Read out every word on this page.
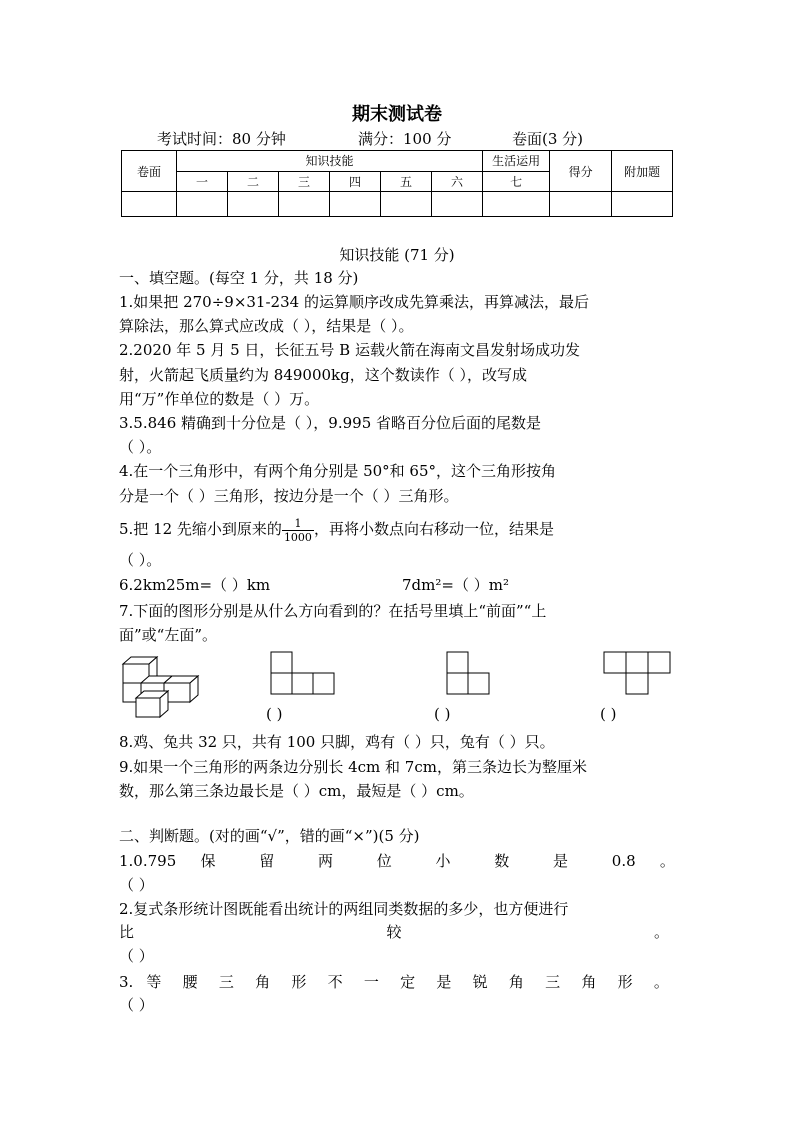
期末测试卷
考试时间：80 分钟	满分：100 分	卷面(3 分)
卷面	知识技能						生活运用	得分	附加题
	一	二	三	四	五	六	七		

知识技能 (71 分)
一、填空题。(每空 1 分，共 18 分)
1.如果把 270÷9×31-234 的运算顺序改成先算乘法，再算减法，最后
算除法，那么算式应改成（ ），结果是（ ）。
2.2020 年 5 月 5 日，长征五号 B 运载火箭在海南文昌发射场成功发
射，火箭起飞质量约为 849000kg，这个数读作（ ），改写成
用“万”作单位的数是（ ）万。
3.5.846 精确到十分位是（ ），9.995 省略百分位后面的尾数是
（ ）。
4.在一个三角形中，有两个角分别是 50°和 65°，这个三角形按角
分是一个（ ）三角形，按边分是一个（ ）三角形。
5.把 12 先缩小到原来的 $\frac{1}{1000}$ ，再将小数点向右移动一位，结果是
（ ）。
6.2km25m=（ ）km	7dm²=（ ）m²
7.下面的图形分别是从什么方向看到的？在括号里填上“前面”“上
面”或“左面”。
( )	( )	( )
8.鸡、兔共 32 只，共有 100 只脚，鸡有（ ）只，兔有（ ）只。
9.如果一个三角形的两条边分别长 4cm 和 7cm，第三条边长为整厘米
数，那么第三条边最长是（ ）cm，最短是（ ）cm。
二、判断题。(对的画“√”，错的画“×”)(5 分)
1.0.795 保 留 两 位 小 数 是 0.8 。
（ ）
2.复式条形统计图既能看出统计的两组同类数据的多少，也方便进行
比	较	。
（ ）
3. 等 腰 三 角 形 不 一 定 是 锐 角 三 角 形 。
（ ）
